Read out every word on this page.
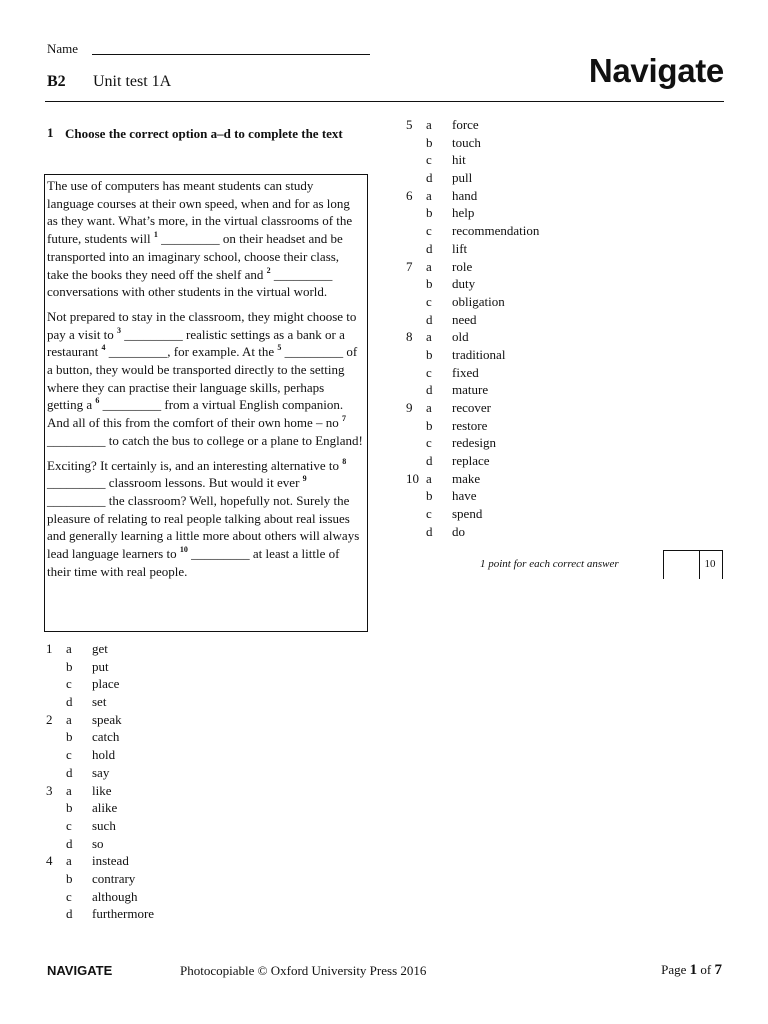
Name
B2 Unit test 1A	Navigate
1 Choose the correct option a–d to complete the text

The use of computers has meant students can study language courses at their own speed, when and for as long as they want. What’s more, in the virtual classrooms of the future, students will $^1$ _________ on their headset and be transported into an imaginary school, choose their class, take the books they need off the shelf and $^2$ _________ conversations with other students in the virtual world.

Not prepared to stay in the classroom, they might choose to pay a visit to $^3$ _________ realistic settings as a bank or a restaurant $^4$ _________, for example. At the $^5$ _________ of a button, they would be transported directly to the setting where they can practise their language skills, perhaps getting a $^6$ _________ from a virtual English companion. And all of this from the comfort of their own home – no $^7$ _________ to catch the bus to college or a plane to England!

Exciting? It certainly is, and an interesting alternative to $^8$ _________ classroom lessons. But would it ever $^9$ _________ the classroom? Well, hopefully not. Surely the pleasure of relating to real people talking about real issues and generally learning a little more about others will always lead language learners to $^{10}$ _________ at least a little of their time with real people.

1 a get
b put
c place
d set
2 a speak
b catch
c hold
d say
3 a like
b alike
c such
d so
4 a instead
b contrary
c although
d furthermore
5 a force
b touch
c hit
d pull
6 a hand
b help
c recommendation
d lift
7 a role
b duty
c obligation
d need
8 a old
b traditional
c fixed
d mature
9 a recover
b restore
c redesign
d replace
10 a make
b have
c spend
d do
1 point for each correct answer	10
NAVIGATE	Photocopiable © Oxford University Press 2016	Page 1 of 7
